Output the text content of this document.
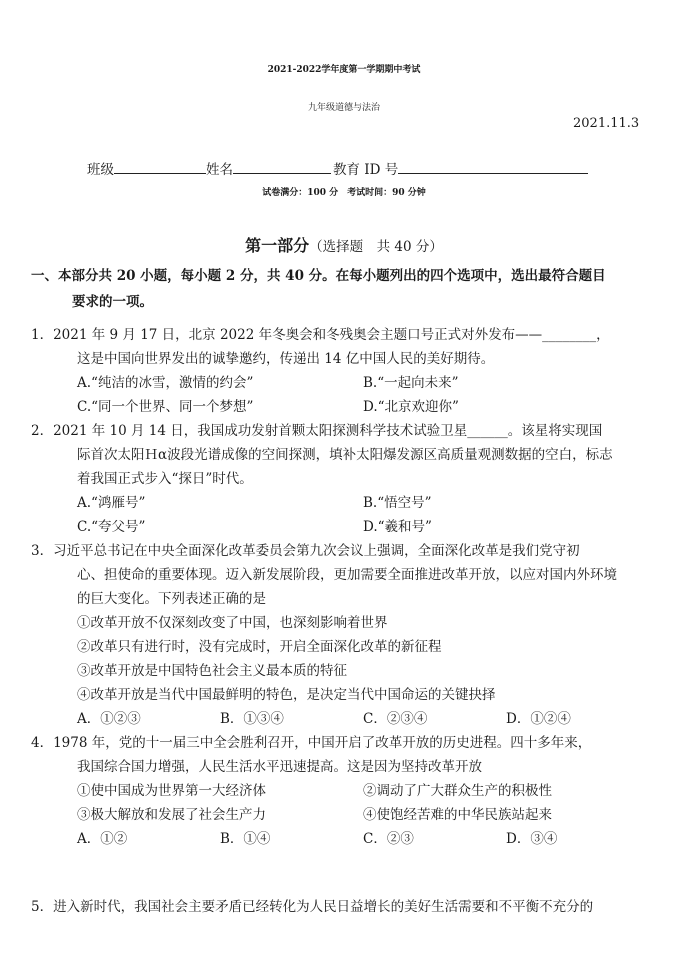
2021-2022学年度第一学期期中考试
九年级道德与法治
2021.11.3
班级	姓名	教育 ID 号
试卷满分：100 分　考试时间：90 分钟
第一部分（选择题　共 40 分）
一、本部分共 20 小题，每小题 2 分，共 40 分。在每小题列出的四个选项中，选出最符合题目
要求的一项。
1．2021 年 9 月 17 日，北京 2022 年冬奥会和冬残奥会主题口号正式对外发布——________，
这是中国向世界发出的诚挚邀约，传递出 14 亿中国人民的美好期待。
A.“纯洁的冰雪，激情的约会”	B.“一起向未来”
C.“同一个世界、同一个梦想”	D.“北京欢迎你”
2．2021 年 10 月 14 日，我国成功发射首颗太阳探测科学技术试验卫星______。该星将实现国
际首次太阳Ｈα波段光谱成像的空间探测，填补太阳爆发源区高质量观测数据的空白，标志
着我国正式步入“探日”时代。
A.“鸿雁号”	B.“悟空号”
C.“夸父号”	D.“羲和号”
3．习近平总书记在中央全面深化改革委员会第九次会议上强调，全面深化改革是我们党守初
心、担使命的重要体现。迈入新发展阶段，更加需要全面推进改革开放，以应对国内外环境
的巨大变化。下列表述正确的是
①改革开放不仅深刻改变了中国，也深刻影响着世界
②改革只有进行时，没有完成时，开启全面深化改革的新征程
③改革开放是中国特色社会主义最本质的特征
④改革开放是当代中国最鲜明的特色，是决定当代中国命运的关键抉择
A．①②③	B．①③④	C．②③④	D．①②④
4．1978 年，党的十一届三中全会胜利召开，中国开启了改革开放的历史进程。四十多年来，
我国综合国力增强，人民生活水平迅速提高。这是因为坚持改革开放
①使中国成为世界第一大经济体	②调动了广大群众生产的积极性
③极大解放和发展了社会生产力	④使饱经苦难的中华民族站起来
A．①②	B．①④	C．②③	D．③④
5．进入新时代，我国社会主要矛盾已经转化为人民日益增长的美好生活需要和不平衡不充分的
